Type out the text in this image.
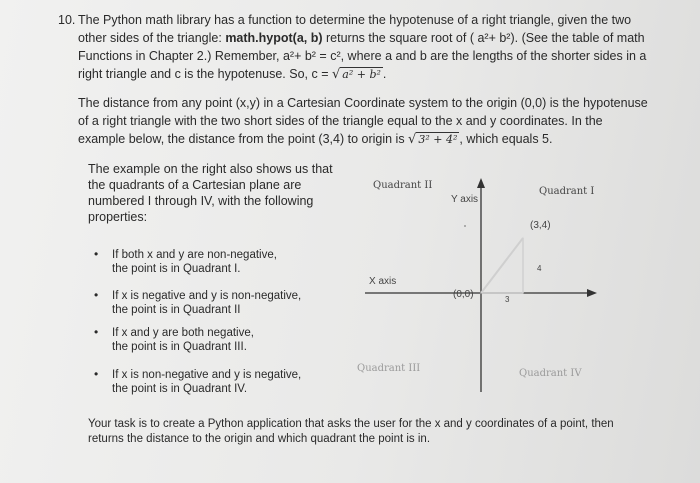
10. The Python math library has a function to determine the hypotenuse of a right triangle, given the two
other sides of the triangle: math.hypot(a, b) returns the square root of ( a²+ b²). (See the table of math
Functions in Chapter 2.) Remember, a²+ b² = c², where a and b are the lengths of the shorter sides in a
right triangle and c is the hypotenuse. So, c = √ a² + b² .
The distance from any point (x,y) in a Cartesian Coordinate system to the origin (0,0) is the hypotenuse
of a right triangle with the two short sides of the triangle equal to the x and y coordinates. In the
example below, the distance from the point (3,4) to origin is √ 3² + 4² , which equals 5.
The example on the right also shows us that
the quadrants of a Cartesian plane are
numbered I through IV, with the following
properties:
• If both x and y are non-negative,
the point is in Quadrant I.
• If x is negative and y is non-negative,
the point is in Quadrant II
• If x and y are both negative,
the point is in Quadrant III.
• If x is non-negative and y is negative,
the point is in Quadrant IV.
Your task is to create a Python application that asks the user for the x and y coordinates of a point, then
returns the distance to the origin and which quadrant the point is in.
Quadrant II
Quadrant I
Y axis
(3,4)
4
X axis
(0,0)	3
Quadrant III	Quadrant IV
